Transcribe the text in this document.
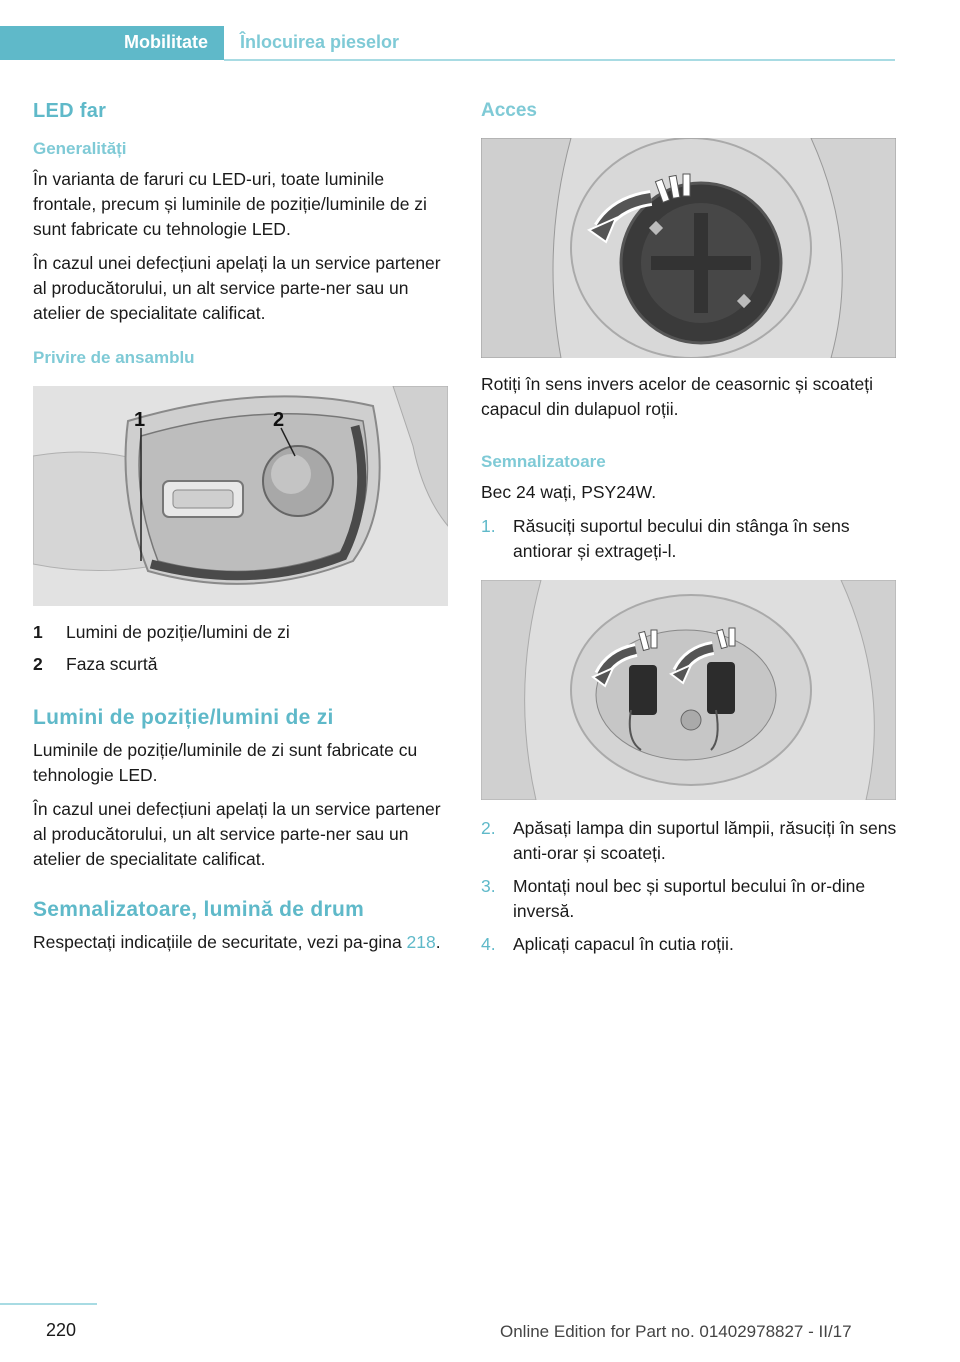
Mobilitate Înlocuirea pieselor
LED far
Generalități

În varianta de faruri cu LED-uri, toate luminile frontale, precum și luminile de poziție/luminile de zi sunt fabricate cu tehnologie LED.

În cazul unei defecțiuni apelați la un service partener al producătorului, un alt service parte-ner sau un atelier de specialitate calificat.

Privire de ansamblu
1	2
1	Lumini de poziție/lumini de zi
2	Faza scurtă
Lumini de poziție/lumini de zi

Luminile de poziție/luminile de zi sunt fabricate cu tehnologie LED.

În cazul unei defecțiuni apelați la un service partener al producătorului, un alt service parte-ner sau un atelier de specialitate calificat.

Semnalizatoare, lumină de drum

Respectați indicațiile de securitate, vezi pa-gina 218.

Acces

Rotiți în sens invers acelor de ceasornic și scoateți capacul din dulapuol roții.

Semnalizatoare

Bec 24 wați, PSY24W.

1. Răsuciți suportul becului din stânga în sens antiorar și extrageți-l.
2. Apăsați lampa din suportul lămpii, răsuciți în sens anti-orar și scoateți.
3. Montați noul bec și suportul becului în or-dine inversă.
4. Aplicați capacul în cutia roții.
220	Online Edition for Part no. 01402978827 - II/17
